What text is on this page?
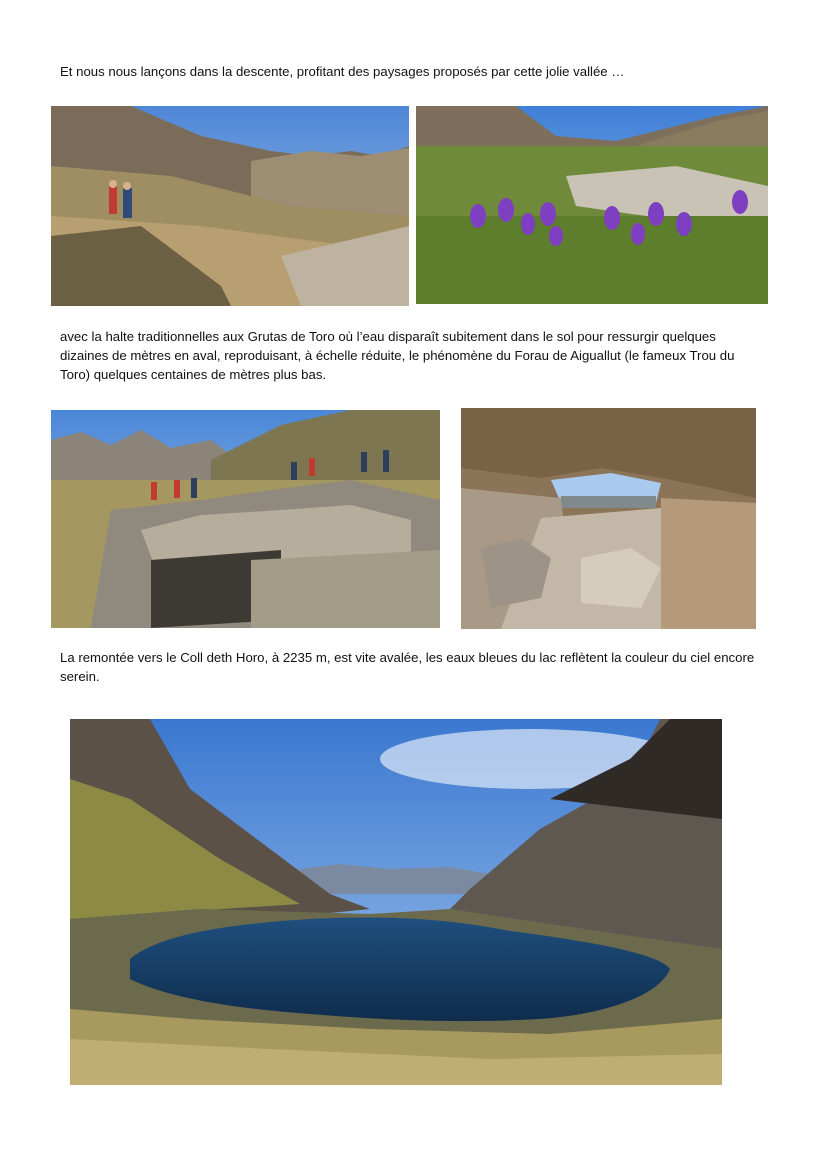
Et nous nous lançons dans la descente, profitant des paysages proposés par cette jolie vallée …

avec la halte traditionnelles aux Grutas de Toro où l’eau disparaît subitement dans le sol pour ressurgir quelques dizaines de mètres en aval, reproduisant, à échelle réduite, le phénomène du Forau de Aiguallut (le fameux Trou du Toro) quelques centaines de mètres plus bas.

La remontée vers le Coll deth Horo, à 2235 m, est vite avalée, les eaux bleues du lac reflètent la couleur du ciel encore serein.
